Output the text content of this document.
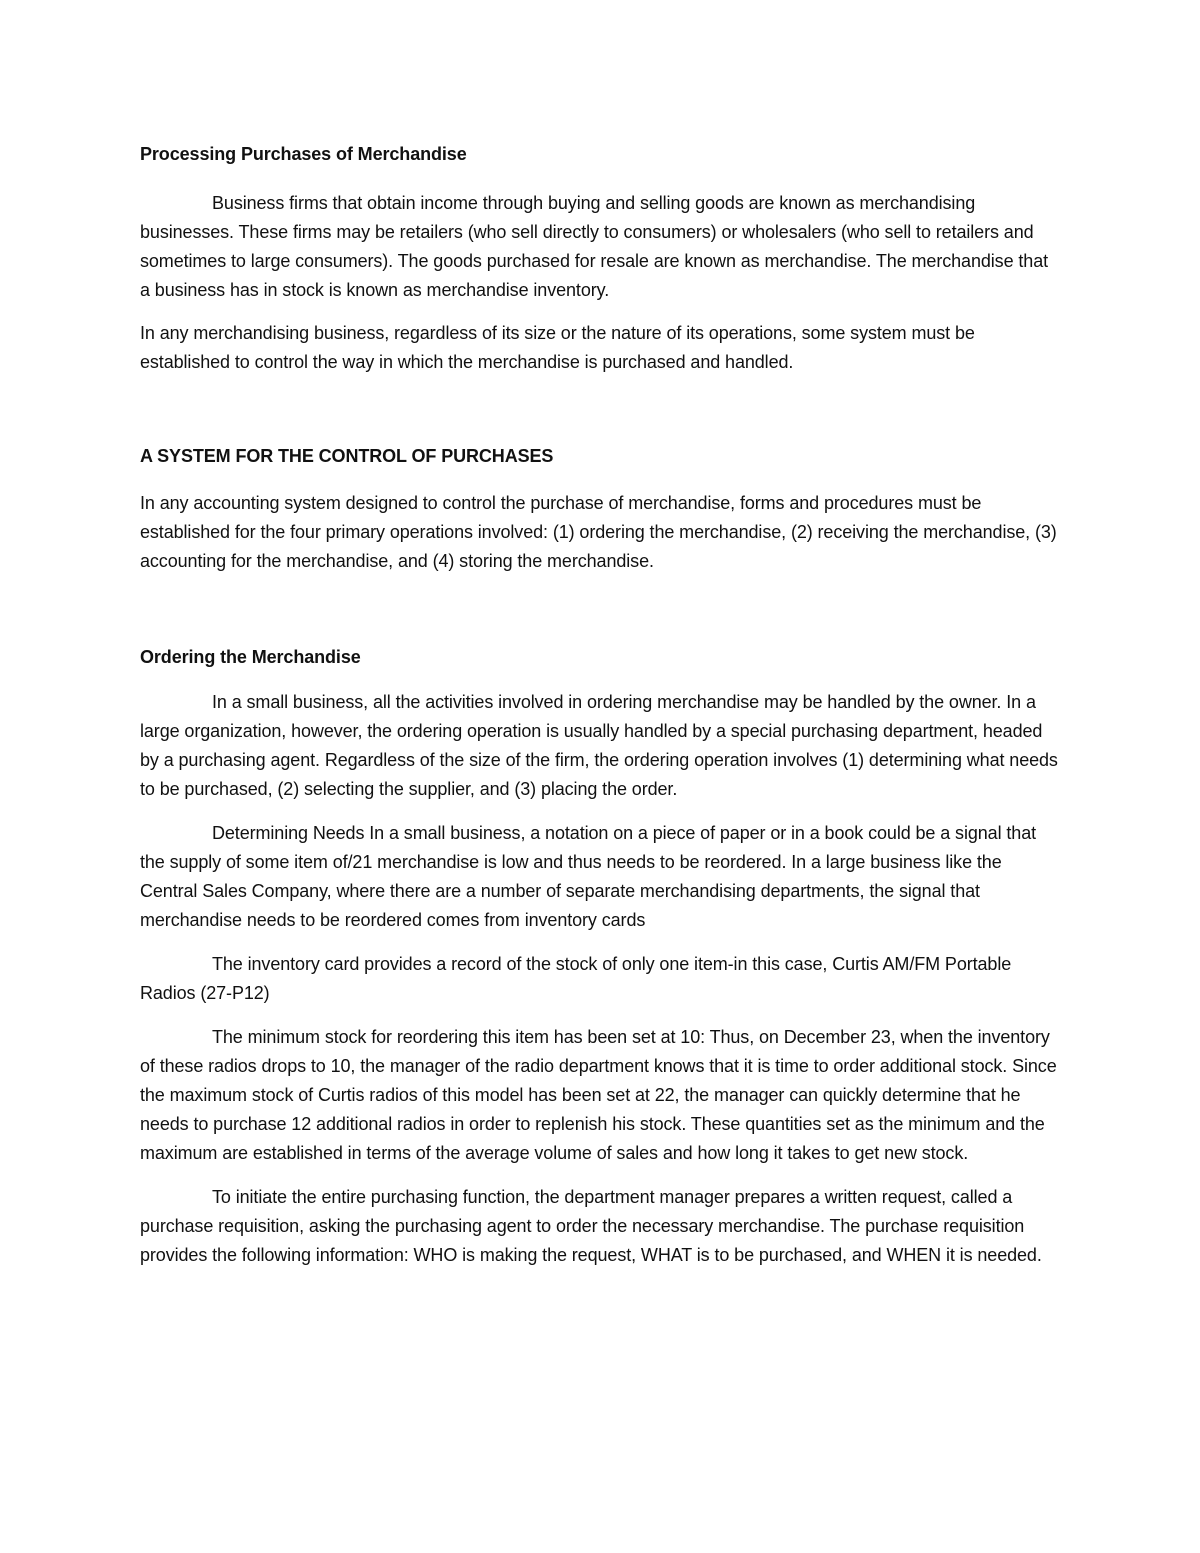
Processing Purchases of Merchandise

Business firms that obtain income through buying and selling goods are known as merchandising businesses. These firms may be retailers (who sell directly to consumers) or wholesalers (who sell to retailers and sometimes to large consumers). The goods purchased for resale are known as merchandise. The merchandise that a business has in stock is known as merchandise inventory.

In any merchandising business, regardless of its size or the nature of its operations, some system must be established to control the way in which the merchandise is purchased and handled.

A SYSTEM FOR THE CONTROL OF PURCHASES

In any accounting system designed to control the purchase of merchandise, forms and procedures must be established for the four primary operations involved: (1) ordering the merchandise, (2) receiving the merchandise, (3) accounting for the merchandise, and (4) storing the merchandise.

Ordering the Merchandise

In a small business, all the activities involved in ordering merchandise may be handled by the owner. In a large organization, however, the ordering operation is usually handled by a special purchasing department, headed by a purchasing agent. Regardless of the size of the firm, the ordering operation involves (1) determining what needs to be purchased, (2) selecting the supplier, and (3) placing the order.

Determining Needs In a small business, a notation on a piece of paper or in a book could be a signal that the supply of some item of/21 merchandise is low and thus needs to be reordered. In a large business like the Central Sales Company, where there are a number of separate merchandising departments, the signal that merchandise needs to be reordered comes from inventory cards

The inventory card provides a record of the stock of only one item-in this case, Curtis AM/FM Portable Radios (27-P12)

The minimum stock for reordering this item has been set at 10: Thus, on December 23, when the inventory of these radios drops to 10, the manager of the radio department knows that it is time to order additional stock. Since the maximum stock of Curtis radios of this model has been set at 22, the manager can quickly determine that he needs to purchase 12 additional radios in order to replenish his stock. These quantities set as the minimum and the maximum are established in terms of the average volume of sales and how long it takes to get new stock.

To initiate the entire purchasing function, the department manager prepares a written request, called a purchase requisition, asking the purchasing agent to order the necessary merchandise. The purchase requisition provides the following information: WHO is making the request, WHAT is to be purchased, and WHEN it is needed.
